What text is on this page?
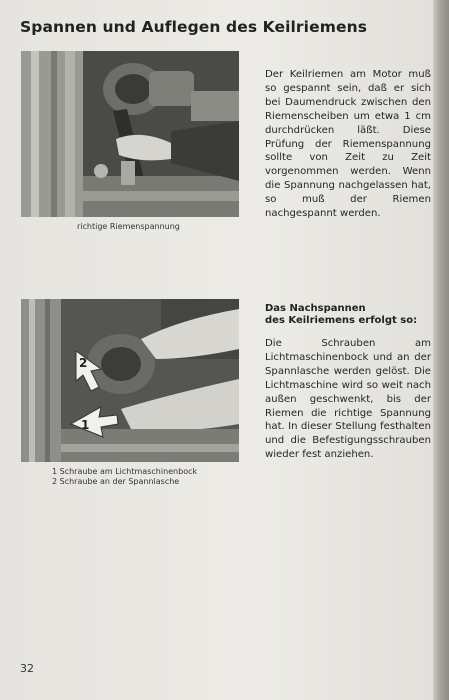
Spannen und Auflegen des Keilriemens
richtige Riemenspannung
Der Keilriemen am Motor muß so gespannt sein, daß er sich bei Daumendruck zwischen den Riemenscheiben um etwa 1 cm durchdrücken läßt. Diese Prüfung der Riemenspannung sollte von Zeit zu Zeit vorgenommen werden. Wenn die Spannung nachgelassen hat, so muß der Riemen nachgespannt werden.
2
1
1 Schraube am Lichtmaschinenbock
2 Schraube an der Spannlasche
Das Nachspannen
des Keilriemens erfolgt so:
Die Schrauben am Lichtmaschinenbock und an der Spannlasche werden gelöst. Die Lichtmaschine wird so weit nach außen geschwenkt, bis der Riemen die richtige Spannung hat. In dieser Stellung festhalten und die Befestigungsschrauben wieder fest anziehen.
32
